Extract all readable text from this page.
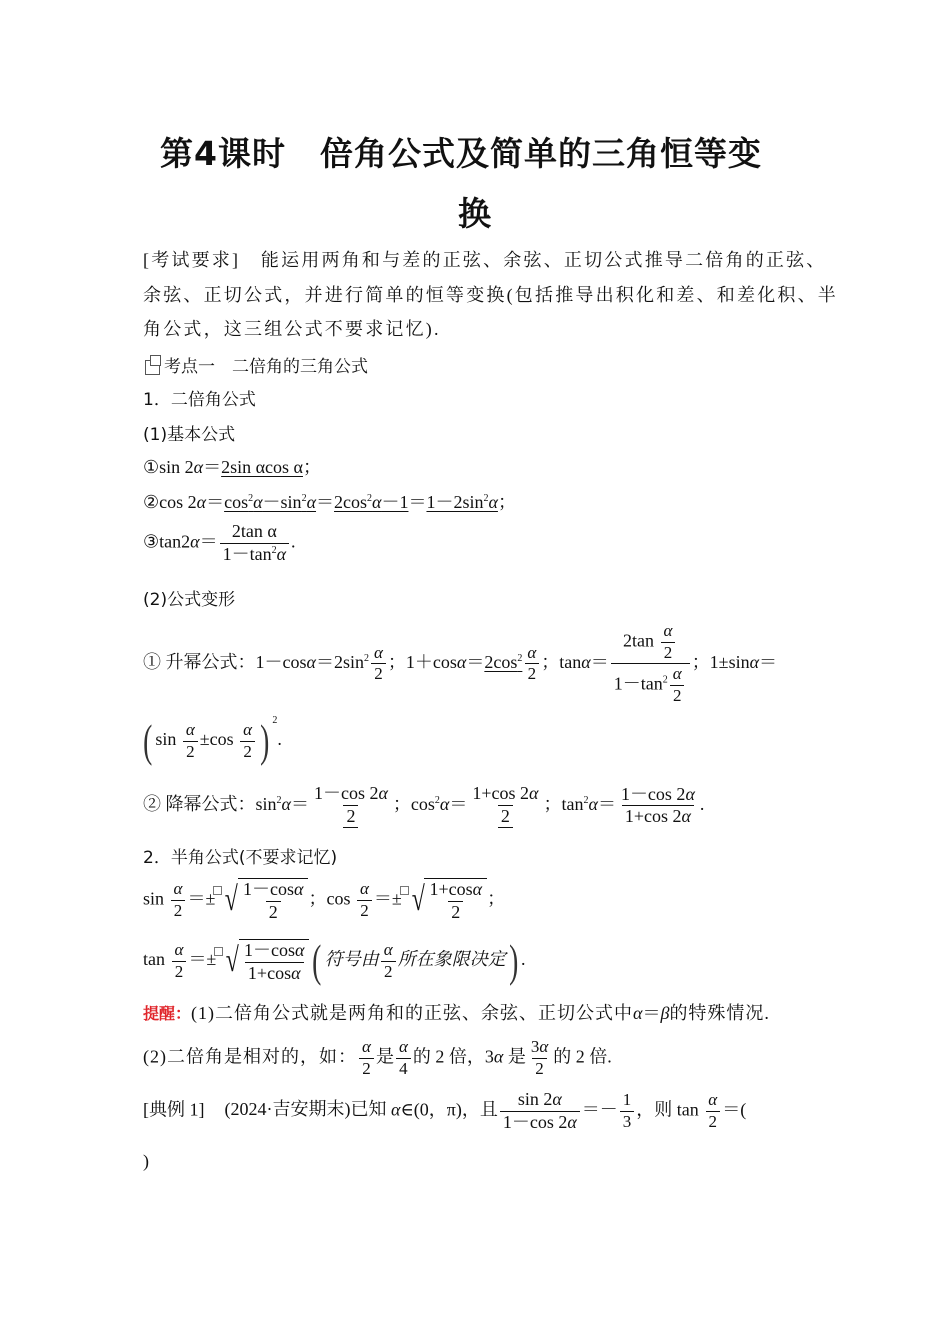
第4课时　倍角公式及简单的三角恒等变
换
[考试要求] 能运用两角和与差的正弦、余弦、正切公式推导二倍角的正弦、
余弦、正切公式，并进行简单的恒等变换(包括推导出积化和差、和差化积、半
角公式，这三组公式不要求记忆).
考点一　二倍角的三角公式
1．二倍角公式
(1)基本公式
①sin 2α＝2sin αcos α；
②cos $2\alpha=\cos^2\alpha-\sin^2\alpha=2\cos^2\alpha-1=1-2\sin^2\alpha$；
③tan2α＝ $\frac{\text{2tan α}}{1-\tan^2\alpha}$ .
(2)公式变形
① 升幂公式：$1-\cos\alpha=2\sin^2 \frac{\alpha}{2}$ ；$1+\cos\alpha=2\cos^2 \frac{\alpha}{2}$ ；$\tan\alpha= \frac{2\tan \frac{\alpha}{2}}{1-\tan^2 \frac{\alpha}{2}}$ ；1±sinα＝
( $\sin \frac{\alpha}{2} \pm\cos \frac{\alpha}{2}$ ) $^2$.
② 降幂公式：$\sin^2\alpha= \frac{1-\cos 2\alpha}{2}$ ；$\cos^2\alpha= \frac{1+\cos 2\alpha}{2}$ ；$\tan^2\alpha= \frac{1-\cos 2\alpha}{1+\cos 2\alpha}$ .
2．半角公式(不要求记忆)
$\sin \frac{\alpha}{2}$ ＝± √ $\frac{1-\cos\alpha}{2}$ ；$\cos \frac{\alpha}{2}$ ＝± √ $\frac{1+\cos\alpha}{2}$ ；
$\tan \frac{\alpha}{2}$ ＝± √ $\frac{1-\cos\alpha}{1+\cos\alpha}$ ( 符号由 $\frac{\alpha}{2}$ 所在象限决定) .
提醒：(1)二倍角公式就是两角和的正弦、余弦、正切公式中α＝β的特殊情况.
(2)二倍角是相对的，如： $\frac{\alpha}{2}$ 是 $\frac{\alpha}{4}$ 的 2 倍，3α 是 $\frac{3\alpha}{2}$ 的 2 倍.
[典例 1] (2024·吉安期末)已知 α∈(0，π)，且 $\frac{\sin 2\alpha}{1-\cos 2\alpha} =- \frac{1}{3}$ ，则 $\tan \frac{\alpha}{2}$ ＝(
)
